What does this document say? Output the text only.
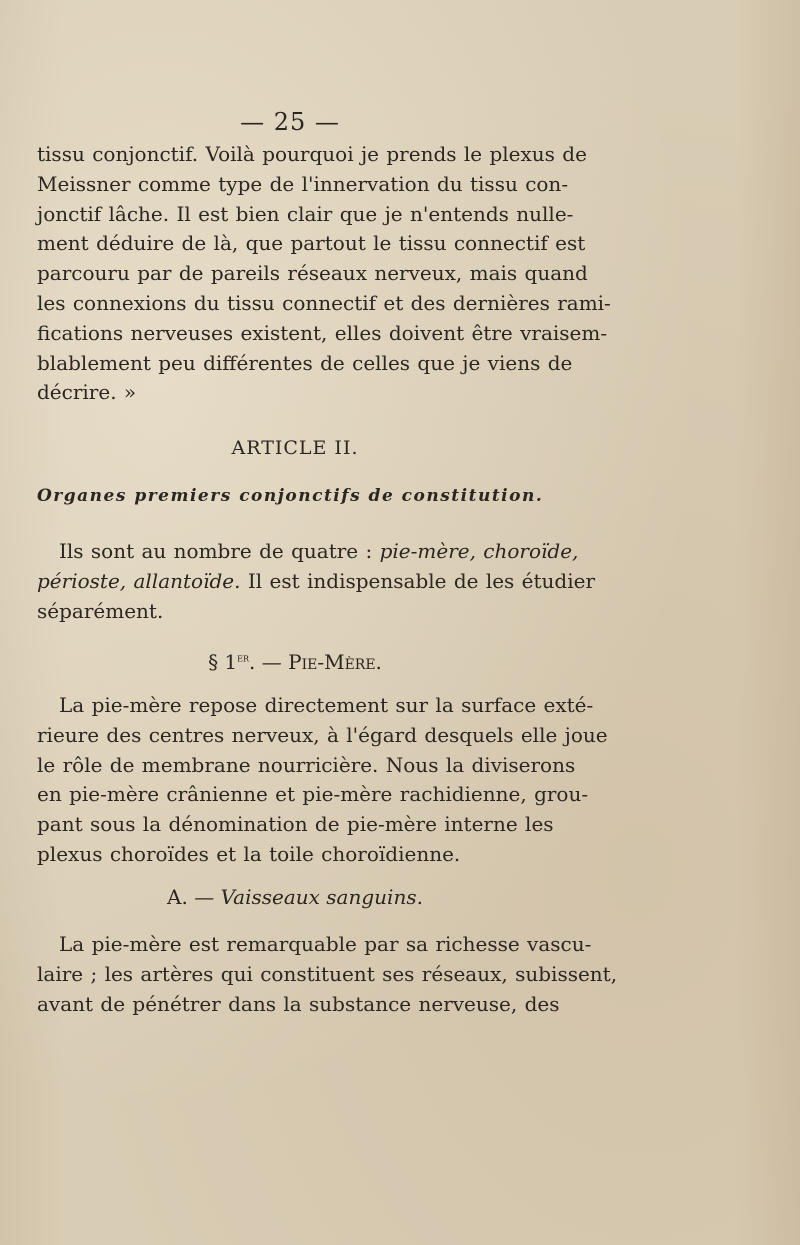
— 25 —
tissu conjonctif. Voilà pourquoi je prends le plexus de
Meissner comme type de l'innervation du tissu con-
jonctif lâche. Il est bien clair que je n'entends nulle-
ment déduire de là, que partout le tissu connectif est
parcouru par de pareils réseaux nerveux, mais quand
les connexions du tissu connectif et des dernières rami-
fications nerveuses existent, elles doivent être vraisem-
blablement peu différentes de celles que je viens de
décrire. »
ARTICLE II.
Organes premiers conjonctifs de constitution.
Ils sont au nombre de quatre : pie-mère, choroïde,
périoste, allantoïde. Il est indispensable de les étudier
séparément.
§ 1er. — Pie-Mère.
La pie-mère repose directement sur la surface exté-
rieure des centres nerveux, à l'égard desquels elle joue
le rôle de membrane nourricière. Nous la diviserons
en pie-mère crânienne et pie-mère rachidienne, grou-
pant sous la dénomination de pie-mère interne les
plexus choroïdes et la toile choroïdienne.
A. — Vaisseaux sanguins.
La pie-mère est remarquable par sa richesse vascu-
laire ; les artères qui constituent ses réseaux, subissent,
avant de pénétrer dans la substance nerveuse, des
